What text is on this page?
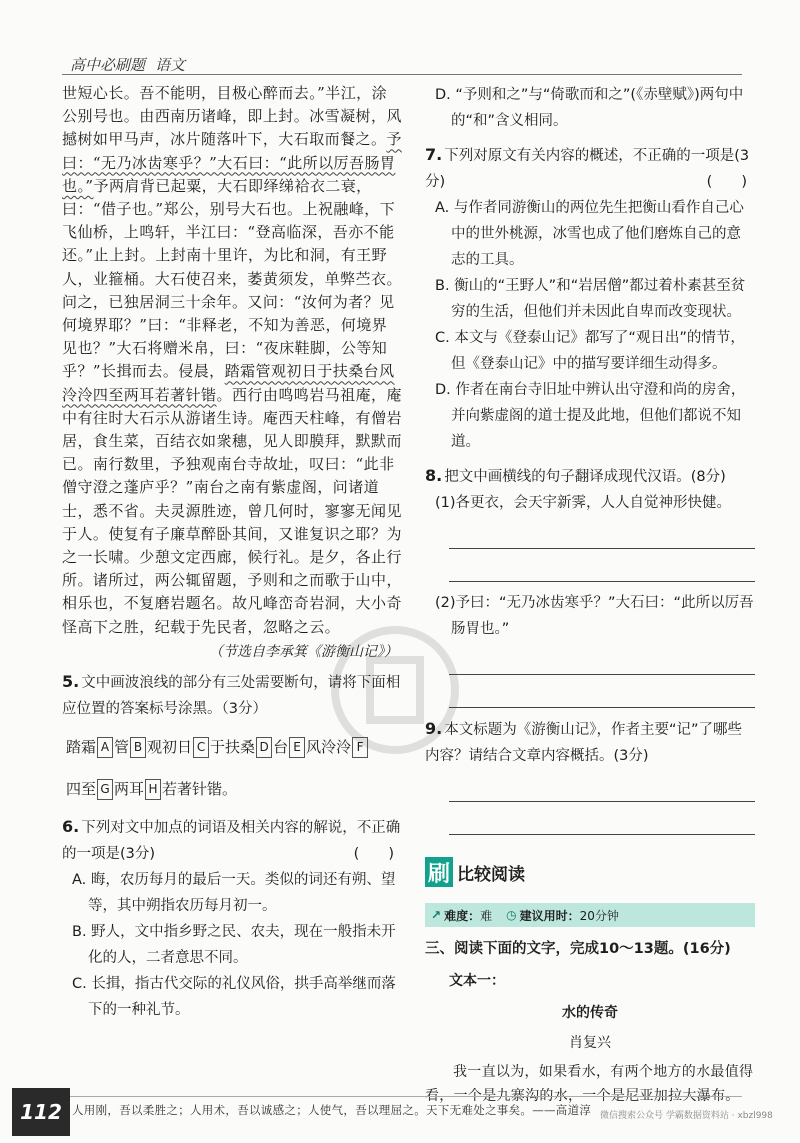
高中必刷题 语文
世短心长。吾不能明，目极心醉而去。”半江，涂公别号也。由西南历诸峰，即上封。冰雪凝树，风撼树如甲马声，冰片随落叶下，大石取而餐之。予曰：“无乃冰齿寒乎？”大石曰：“此所以厉吾肠胃也。”予两肩背已起粟，大石即绎绨袷衣二衰，曰：“借子也。”郑公，别号大石也。上祝融峰，下飞仙桥，上鸣轩，半江曰：“登高临深，吾亦不能还。”止上封。上封南十里许，为比和洞，有王野人，业箍桶。大石使召来，萎黄须发，单弊苎衣。问之，已独居洞三十余年。又问：“汝何为者？见何境界耶？”曰：“非释老，不知为善恶，何境界见也？”大石将赠米帛，曰：“夜床鞋脚，公等知乎？”长揖而去。侵晨，踏霜管观初日于扶桑台风泠泠四至两耳若著针锴。西行由鸣鸣岩马祖庵，庵中有往时大石示从游诸生诗。庵西天柱峰，有僧岩居，食生菜，百结衣如衆穗，见人即膜拜，默默而已。南行数里，予独观南台寺故址，叹曰：“此非僧守澄之蓬庐乎？”南台之南有紫虚阁，问诸道士，悉不省。夫灵源胜迹，曾几何时，寥寥无闻见于人。使复有子廉草醉卧其间，又谁复识之耶？为之一长啸。少憩文定西廊，候行礼。是夕，各止行所。诸所过，两公辄留题，予则和之而歌于山中，相乐也，不复磨岩题名。故凡峰峦奇岩洞，大小奇怪高下之胜，纪载于先民者，忽略之云。
（节选自李承箕《游衡山记》）
5. 文中画波浪线的部分有三处需要断句，请将下面相应位置的答案标号涂黑。（3分）
踏霜 A 管 B 观初日 C 于扶桑 D 台 E 风泠泠 F
四至 G 两耳 H 若著针锴。
6. 下列对文中加点的词语及相关内容的解说，不正确的一项是(3分)	(　　)
A. 晦，农历每月的最后一天。类似的词还有朔、望等，其中朔指农历每月初一。
B. 野人，文中指乡野之民、农夫，现在一般指未开化的人，二者意思不同。
C. 长揖，指古代交际的礼仪风俗，拱手高举继而落下的一种礼节。
D. “予则和之”与“倚歌而和之”(《赤壁赋》)两句中的“和”含义相同。
7. 下列对原文有关内容的概述，不正确的一项是(3分)	(　　)
A. 与作者同游衡山的两位先生把衡山看作自己心中的世外桃源，冰雪也成了他们磨炼自己的意志的工具。
B. 衡山的“王野人”和“岩居僧”都过着朴素甚至贫穷的生活，但他们并未因此自卑而改变现状。
C. 本文与《登泰山记》都写了“观日出”的情节，但《登泰山记》中的描写要详细生动得多。
D. 作者在南台寺旧址中辨认出守澄和尚的房舍，并向紫虚阁的道士提及此地，但他们都说不知道。
8. 把文中画横线的句子翻译成现代汉语。(8分)
(1)各更衣，会天宇新霁，人人自觉神形快健。
(2)予曰：“无乃冰齿寒乎？”大石曰：“此所以厉吾肠胃也。”
9. 本文标题为《游衡山记》，作者主要“记”了哪些内容？请结合文章内容概括。(3分)
刷 比较阅读
↗ 难度： 难 ◷ 建议用时： 20分钟
三、阅读下面的文字，完成10～13题。(16分)
文本一：
水的传奇
肖复兴
我一直以为，如果看水，有两个地方的水最值得看，一个是九寨沟的水，一个是尼亚加拉大瀑布。
112 人用刚，吾以柔胜之；人用术，吾以诚感之；人使气，吾以理屈之。天下无难处之事矣。——高道淳 微信搜索公众号 学霸数据资料站 · xbzl998
